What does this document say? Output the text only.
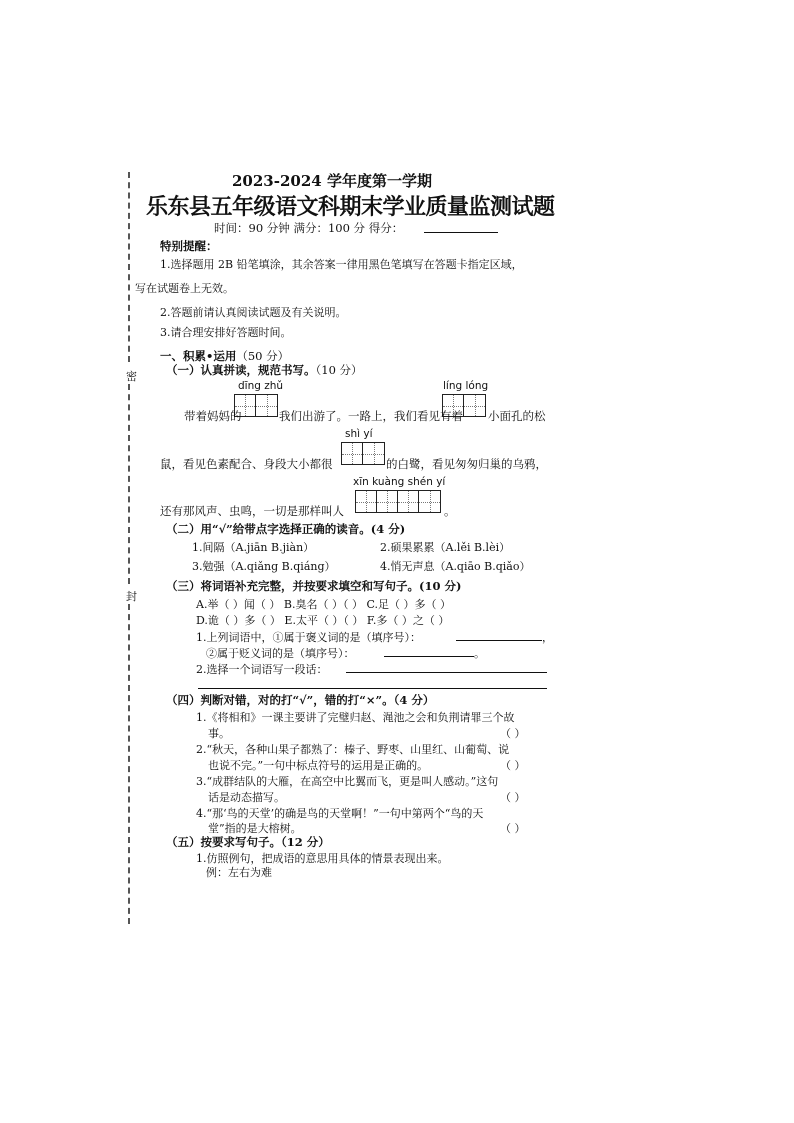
密
封
2023-2024 学年度第一学期
乐东县五年级语文科期末学业质量监测试题
时间：90 分钟 满分：100 分 得分：
特别提醒：
1.选择题用 2B 铅笔填涂，其余答案一律用黑色笔填写在答题卡指定区域，
写在试题卷上无效。
2.答题前请认真阅读试题及有关说明。
3.请合理安排好答题时间。
一、积累•运用（50 分）
（一）认真拼读，规范书写。（10 分）
dīng zhǔ	líng lóng
带着妈妈的	我们出游了。一路上，我们看见有着 小面孔的松
shì yí
鼠，看见色素配合、身段大小都很	的白鹭，看见匆匆归巢的乌鸦，
xīn kuàng shén yí
还有那风声、虫鸣，一切是那样叫人	。
（二）用“√”给带点字选择正确的读音。(4 分)
1.间隔（A.jiān B.jiàn）	2.硕果累累（A.lěi B.lèi）
3.勉强（A.qiǎng B.qiáng）	4.悄无声息（A.qiāo B.qiǎo）
（三）将词语补充完整，并按要求填空和写句子。(10 分)
A.举（ ）闻（ ） B.臭名（ ）（ ） C.足（ ）多（ ）
D.诡（ ）多（ ） E.太平（ ）（ ） F.多（ ）之（ ）
1.上列词语中，①属于褒义词的是（填序号）：	，
②属于贬义词的是（填序号）：	。
2.选择一个词语写一段话：
（四）判断对错，对的打“√”，错的打“×”。（4 分）
1.《将相和》一课主要讲了完璧归赵、渑池之会和负荆请罪三个故
事。	（ ）
2.“秋天，各种山果子都熟了：榛子、野枣、山里红、山葡萄、说
也说不完。”一句中标点符号的运用是正确的。	（ ）
3.“成群结队的大雁，在高空中比翼而飞，更是叫人感动。”这句
话是动态描写。	（ ）
4.“那‘鸟的天堂’的确是鸟的天堂啊！”一句中第两个“鸟的天
堂”指的是大榕树。	（ ）
（五）按要求写句子。（12 分）
1.仿照例句，把成语的意思用具体的情景表现出来。
例：左右为难
